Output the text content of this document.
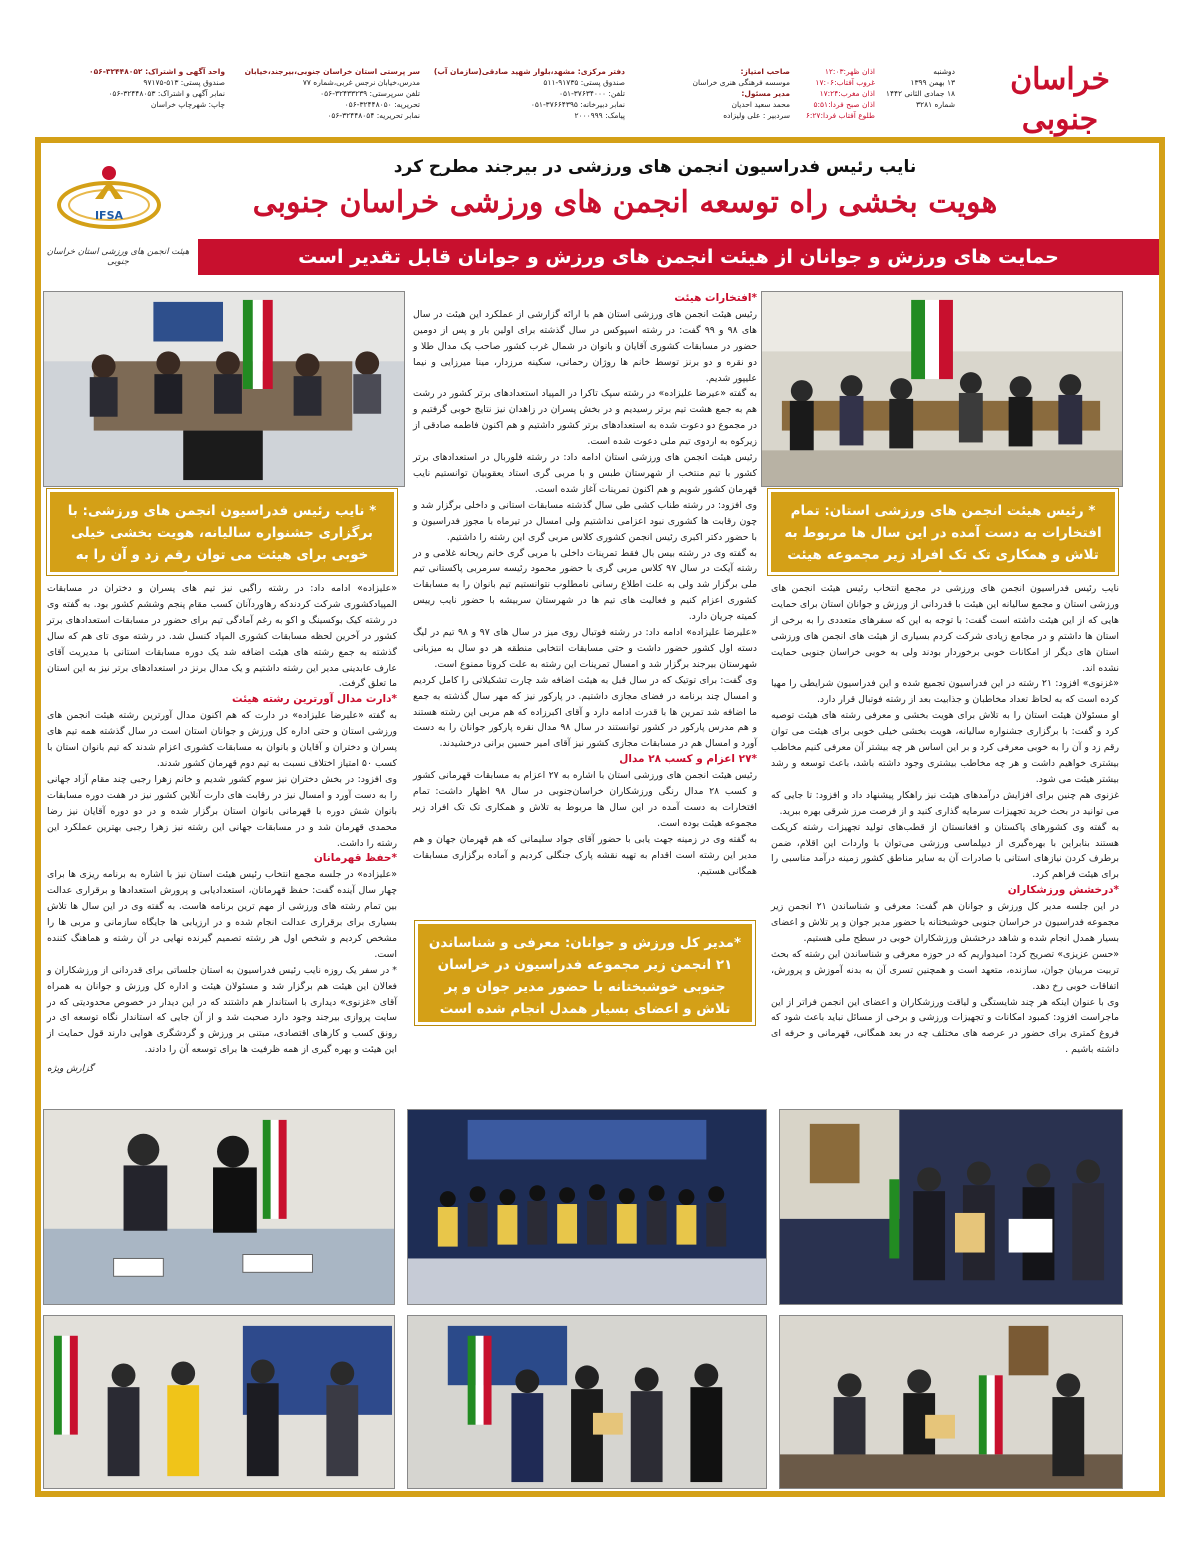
خراسان جنوبی
دوشنبه
۱۳ بهمن ۱۳۹۹
۱۸ جمادی الثانی ۱۴۴۲
شماره ۳۲۸۱
اذان ظهر:۱۲:۰۳
غروب آفتاب:۱۷:۰۶
اذان مغرب:۱۷:۲۴
اذان صبح فردا:۵:۵۱
طلوع آفتاب فردا:۶:۲۷
صاحب امتیاز:
موسسه فرهنگی هنری خراسان
مدیر مسئول:
محمد سعید احدیان
سردبیر : علی ولیزاده
دفتر مرکزی: مشهد،بلوار شهید صادقی(سازمان آب)
صندوق پستی: ۹۱۷۳۵-۵۱۱
تلفن: ۳۷۶۳۴۰۰۰-۰۵۱
نمابر دبیرخانه: ۳۷۶۶۴۳۹۵-۰۵۱
پیامک: ۲۰۰۰۹۹۹
سر پرستی استان خراسان جنوبی،بیرجند،خیابان
مدرس،خیابان نرجس غربی،شماره ۷۷
تلفن سرپرستی: ۳۲۴۳۳۲۳۹-۰۵۶
تحریریه: ۳۲۴۴۸۰۵۰-۰۵۶
نمابر تحریریه: ۳۲۴۴۸۰۵۴-۰۵۶
واحد آگهی و اشتراک: ۳۲۴۴۸۰۵۲-۰۵۶
صندوق پستی: ۵۱۳-۹۷۱۷۵
نمابر آگهی و اشتراک: ۳۲۴۴۸۰۵۳-۰۵۶
چاپ: شهرچاپ خراسان
نایب رئیس فدراسیون انجمن های ورزشی در بیرجند مطرح کرد
هویت بخشی راه توسعه انجمن های ورزشی خراسان جنوبی
IFSA
هیئت انجمن های ورزشی استان خراسان جنوبی	حمایت های ورزش و جوانان از هیئت انجمن های ورزش و جوانان قابل تقدیر است
* رئیس هیئت انجمن های ورزشی استان: تمام افتخارات به دست آمده در این سال ها مربوط به تلاش و همکاری تک تک افراد زیر مجموعه هیئت بوده است
* نایب رئیس فدراسیون انجمن های ورزشی: با برگزاری جشنواره سالیانه، هویت بخشی خیلی خوبی برای هیئت می توان رقم زد و آن را به خوبی معرفی کرد
*مدیر کل ورزش و جوانان: معرفی و شناساندن ۲۱ انجمن زیر مجموعه فدراسیون در خراسان جنوبی خوشبختانه با حضور مدیر جوان و پر تلاش و اعضای بسیار همدل انجام شده است

نایب رئیس فدراسیون انجمن های ورزشی در مجمع انتخاب رئیس هیئت انجمن های ورزشی استان و مجمع سالیانه این هیئت با قدردانی از ورزش و جوانان استان برای حمایت هایی که از این هیئت داشته است گفت: با توجه به این که سفرهای متعددی را به برخی از استان ها داشتم و در مجامع زیادی شرکت کردم بسیاری از هیئت های انجمن های ورزشی استان های دیگر از امکانات خوبی برخوردار بودند ولی به خوبی خراسان جنوبی حمایت نشده اند.

«غزنوی» افزود: ۲۱ رشته در این فدراسیون تجمیع شده و این فدراسیون شرایطی را مهیا کرده است که به لحاظ تعداد مخاطبان و جذابیت بعد از رشته فوتبال قرار دارد.

او مسئولان هیئت استان را به تلاش برای هویت بخشی و معرفی رشته های هیئت توصیه کرد و گفت: با برگزاری جشنواره سالیانه، هویت بخشی خیلی خوبی برای هیئت می توان رقم زد و آن را به خوبی معرفی کرد و بر این اساس هر چه بیشتر آن معرفی کنیم مخاطب بیشتری خواهیم داشت و هر چه مخاطب بیشتری وجود داشته باشد، باعث توسعه و رشد بیشتر هیئت می شود.

غزنوی هم چنین برای افزایش درآمدهای هیئت نیز راهکار پیشنهاد داد و افزود: تا جایی که می توانید در بحث خرید تجهیزات سرمایه گذاری کنید و از فرصت مرز شرقی بهره ببرید.

به گفته وی کشورهای پاکستان و افغانستان از قطب‌های تولید تجهیزات رشته کریکت هستند بنابراین با بهره‌گیری از دیپلماسی ورزشی می‌توان با واردات این اقلام، ضمن برطرف کردن نیازهای استانی با صادرات آن به سایر مناطق کشور زمینه درآمد مناسبی را برای هیئت فراهم کرد.

*درخشش ورزشکاران

در این جلسه مدیر کل ورزش و جوانان هم گفت: معرفی و شناساندن ۲۱ انجمن زیر مجموعه فدراسیون در خراسان جنوبی خوشبختانه با حضور مدیر جوان و پر تلاش و اعضای بسیار همدل انجام شده و شاهد درخشش ورزشکاران خوبی در سطح ملی هستیم.

«حسن عزیزی» تصریح کرد: امیدواریم که در حوزه معرفی و شناساندن این رشته که بحث تربیت مربیان جوان، سازنده، متعهد است و همچنین تسری آن به بدنه آموزش و پرورش، اتفاقات خوبی رخ دهد.

وی با عنوان اینکه هر چند شایستگی و لیاقت ورزشکاران و اعضای این انجمن فراتر از این ماجراست افزود: کمبود امکانات و تجهیزات ورزشی و برخی از مسائل نباید باعث شود که فروغ کمتری برای حضور در عرصه های مختلف چه در بعد همگانی، قهرمانی و حرفه ای داشته باشیم .

*افتخارات هیئت

رئیس هیئت انجمن های ورزشی استان هم با ارائه گزارشی از عملکرد این هیئت در سال های ۹۸ و ۹۹ گفت: در رشته اسپوکس در سال گذشته برای اولین بار و پس از دومین حضور در مسابقات کشوری آقایان و بانوان در شمال غرب کشور صاحب یک مدال طلا و دو نقره و دو برنز توسط خانم ها روژان رحمانی، سکینه مرزدار، مینا میرزایی و نیما علیپور شدیم.

به گفته «عیرضا علیزاده» در رشته سپک تاکرا در المپیاد استعدادهای برتر کشور در رشت هم به جمع هشت تیم برتر رسیدیم و در بخش پسران در زاهدان نیز نتایج خوبی گرفتیم و در مجموع دو دعوت شده به استعدادهای برتر کشور داشتیم و هم اکنون فاطمه صادقی از زیرکوه به اردوی تیم ملی دعوت شده است.

رئیس هیئت انجمن های ورزشی استان ادامه داد: در رشته فلوربال در استعدادهای برتر کشور با تیم منتخب از شهرستان طبس و با مربی گری استاد یعقوبیان توانستیم نایب قهرمان کشور شویم و هم اکنون تمرینات آغاز شده است.

وی افزود: در رشته طناب کشی طی سال گذشته مسابقات استانی و داخلی برگزار شد و چون رقابت ها کشوری نبود اعزامی نداشتیم ولی امسال در تیرماه با مجوز فدراسیون و با حضور دکتر اکبری رئیس انجمن کشوری کلاس مربی گری این رشته را داشتیم.

به گفته وی در رشته بیس بال فقط تمرینات داخلی با مربی گری خانم ریحانه غلامی و در رشته آیکت در سال ۹۷ کلاس مربی گری با حضور محمود رئیسه سرمربی پاکستانی تیم ملی برگزار شد ولی به علت اطلاع رسانی نامطلوب نتوانستیم تیم بانوان را به مسابقات کشوری اعزام کنیم و فعالیت های تیم ها در شهرستان سربیشه با حضور نایب رییس کمیته جریان دارد.

«علیرضا علیزاده» ادامه داد: در رشته فوتبال روی میز در سال های ۹۷ و ۹۸ تیم در لیگ دسته اول کشور حضور داشت و حتی مسابقات انتخابی منطقه هر دو سال به میزبانی شهرستان بیرجند برگزار شد و امسال تمرینات این رشته به علت کرونا ممنوع است.

وی گفت: برای توتیک که در سال قبل به هیئت اضافه شد چارت تشکیلاتی را کامل کردیم و امسال چند برنامه در فضای مجازی داشتیم. در پارکور نیز که مهر سال گذشته به جمع ما اضافه شد تمرین ها با قدرت ادامه دارد و آقای اکبرزاده که هم مربی این رشته هستند و هم مدرس پارکور در کشور توانستند در سال ۹۸ مدال نقره پارکور جوانان را به دست آورد و امسال هم در مسابقات مجازی کشور نیز آقای امیر حسین برانی درخشیدند.

*۲۷ اعزام و کسب ۲۸ مدال

رئیس هیئت انجمن های ورزشی استان با اشاره به ۲۷ اعزام به مسابقات قهرمانی کشور و کسب ۲۸ مدال رنگی ورزشکاران خراسان‌جنوبی در سال ۹۸ اظهار داشت: تمام افتخارات به دست آمده در این سال ها مربوط به تلاش و همکاری تک تک افراد زیر مجموعه هیئت بوده است.

به گفته وی در زمینه جهت یابی با حضور آقای جواد سلیمانی که هم قهرمان جهان و هم مدیر این رشته است اقدام به تهیه نقشه پارک جنگلی کردیم و آماده برگزاری مسابقات همگانی هستیم.

«علیزاده» ادامه داد: در رشته راگبی نیز تیم های پسران و دختران در مسابقات المپیادکشوری شرکت کردندکه رهاوردآنان کسب مقام پنجم وششم کشور بود. به گفته وی در رشته کیک بوکسینگ و اکو به رغم آمادگی تیم برای حضور در مسابقات استعدادهای برتر کشور در آخرین لحظه مسابقات کشوری المپاد کنسل شد. در رشته موی تای هم که سال گذشته به جمع رشته های هیئت اضافه شد یک دوره مسابقات استانی با مدیریت آقای عارف عابدینی مدیر این رشته داشتیم و یک مدال برنز در استعدادهای برتر نیز به این استان ما تعلق گرفت.

*دارت مدال آورترین رشته هیئت

به گفته «علیرضا علیزاده» در دارت که هم اکنون مدال آورترین رشته هیئت انجمن های ورزشی استان و حتی اداره کل ورزش و جوانان استان است در سال گذشته همه تیم های پسران و دختران و آقایان و بانوان به مسابقات کشوری اعزام شدند که تیم بانوان استان با کسب ۵۰ امتیاز اختلاف نسبت به تیم دوم قهرمان کشور شدند.

وی افزود: در بخش دختران نیز سوم کشور شدیم و خانم زهرا رجبی چند مقام آزاد جهانی را به دست آورد و امسال نیز در رقابت های دارت آنلاین کشور نیز در هفت دوره مسابقات بانوان شش دوره با قهرمانی بانوان استان برگزار شده و در دو دوره آقایان نیز رضا محمدی قهرمان شد و در مسابقات جهانی این رشته نیز زهرا رجبی بهترین عملکرد این رشته را داشت.

*حفظ قهرمانان

«علیزاده» در جلسه مجمع انتخاب رئیس هیئت استان نیز با اشاره به برنامه ریزی ها برای چهار سال آینده گفت: حفظ قهرمانان، استعدادیابی و پرورش استعدادها و برقراری عدالت بین تمام رشته های ورزشی از مهم ترین برنامه هاست. به گفته وی در این سال ها تلاش بسیاری برای برقراری عدالت انجام شده و در ارزیابی ها جایگاه سازمانی و مربی ها را مشخص کردیم و شخص اول هر رشته تصمیم گیرنده نهایی در آن رشته و هماهنگ کننده است.

* در سفر یک روزه نایب رئیس فدراسیون به استان جلساتی برای قدردانی از ورزشکاران و فعالان این هیئت هم برگزار شد و مسئولان هیئت و اداره کل ورزش و جوانان به همراه آقای «غزنوی» دیداری با استاندار هم داشتند که در این دیدار در خصوص محدودیتی که در سایت پروازی بیرجند وجود دارد صحبت شد و از آن جایی که استاندار نگاه توسعه ای در رونق کسب و کارهای اقتصادی، مبتنی بر ورزش و گردشگری هوایی دارند قول حمایت از این هیئت و بهره گیری از همه ظرفیت ها برای توسعه آن را دادند.

گزارش ویژه
